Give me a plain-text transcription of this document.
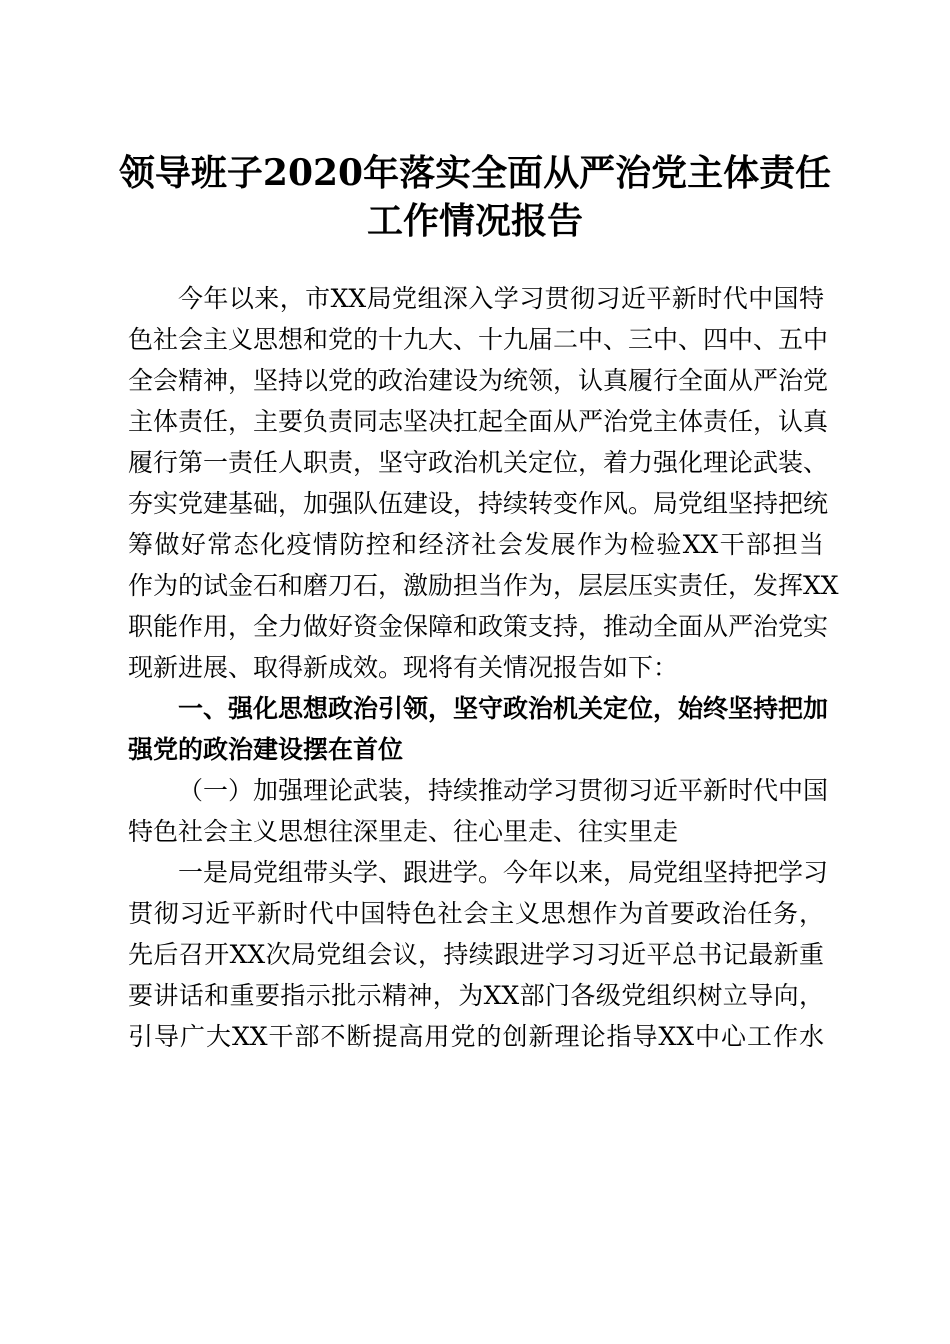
领导班子2020年落实全面从严治党主体责任
工作情况报告
今年以来，市XX局党组深入学习贯彻习近平新时代中国特
色社会主义思想和党的十九大、十九届二中、三中、四中、五中
全会精神，坚持以党的政治建设为统领，认真履行全面从严治党
主体责任，主要负责同志坚决扛起全面从严治党主体责任，认真
履行第一责任人职责，坚守政治机关定位，着力强化理论武装、
夯实党建基础，加强队伍建设，持续转变作风。局党组坚持把统
筹做好常态化疫情防控和经济社会发展作为检验XX干部担当
作为的试金石和磨刀石，激励担当作为，层层压实责任，发挥XX
职能作用，全力做好资金保障和政策支持，推动全面从严治党实
现新进展、取得新成效。现将有关情况报告如下：
一、强化思想政治引领，坚守政治机关定位，始终坚持把加
强党的政治建设摆在首位
（一）加强理论武装，持续推动学习贯彻习近平新时代中国
特色社会主义思想往深里走、往心里走、往实里走
一是局党组带头学、跟进学。今年以来，局党组坚持把学习
贯彻习近平新时代中国特色社会主义思想作为首要政治任务，
先后召开XX次局党组会议，持续跟进学习习近平总书记最新重
要讲话和重要指示批示精神，为XX部门各级党组织树立导向，
引导广大XX干部不断提高用党的创新理论指导XX中心工作水
